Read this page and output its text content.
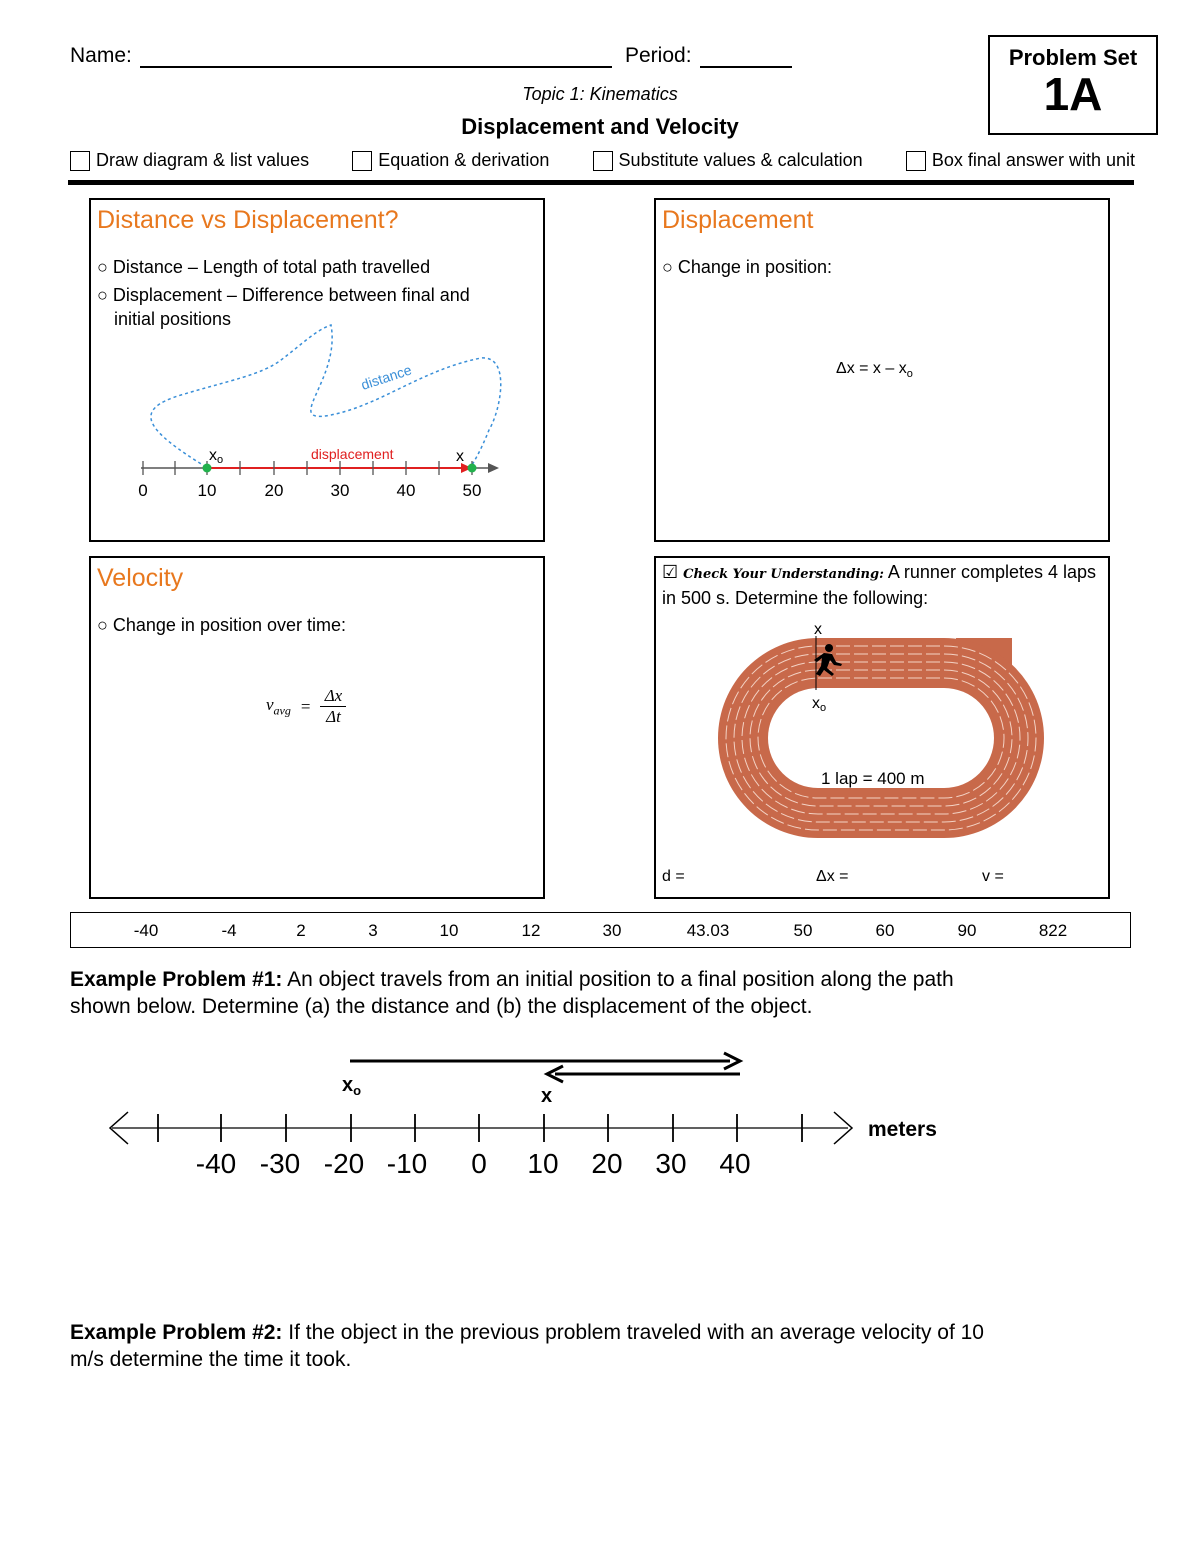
Name:	Period:
Topic 1: Kinematics
Displacement and Velocity
Problem Set
1A
Draw diagram & list values	Equation & derivation	Substitute values & calculation	Box final answer with unit
Distance vs Displacement?
○ Distance – Length of total path travelled
○ Displacement – Difference between final and
initial positions
distance
displacement
xo	x
0	10	20	30	40	50
Displacement
○ Change in position:
$\Delta x = x - x_o$
Velocity
○ Change in position over time:
$v_{avg}$ =
Δx
Δt
☑ Check Your Understanding: A runner completes 4 laps
in 500 s. Determine the following:
x
xo
1 lap = 400 m
d =	Δx =	v =
-40	-4	2	3	10	12	30	43.03	50	60	90	822
Example Problem #1: An object travels from an initial position to a final position along the path
shown below. Determine (a) the distance and (b) the displacement of the object.
$x_o$	x
meters
-40 -30 -20 -10 0 10 20 30 40
Example Problem #2: If the object in the previous problem traveled with an average velocity of 10
m/s determine the time it took.
